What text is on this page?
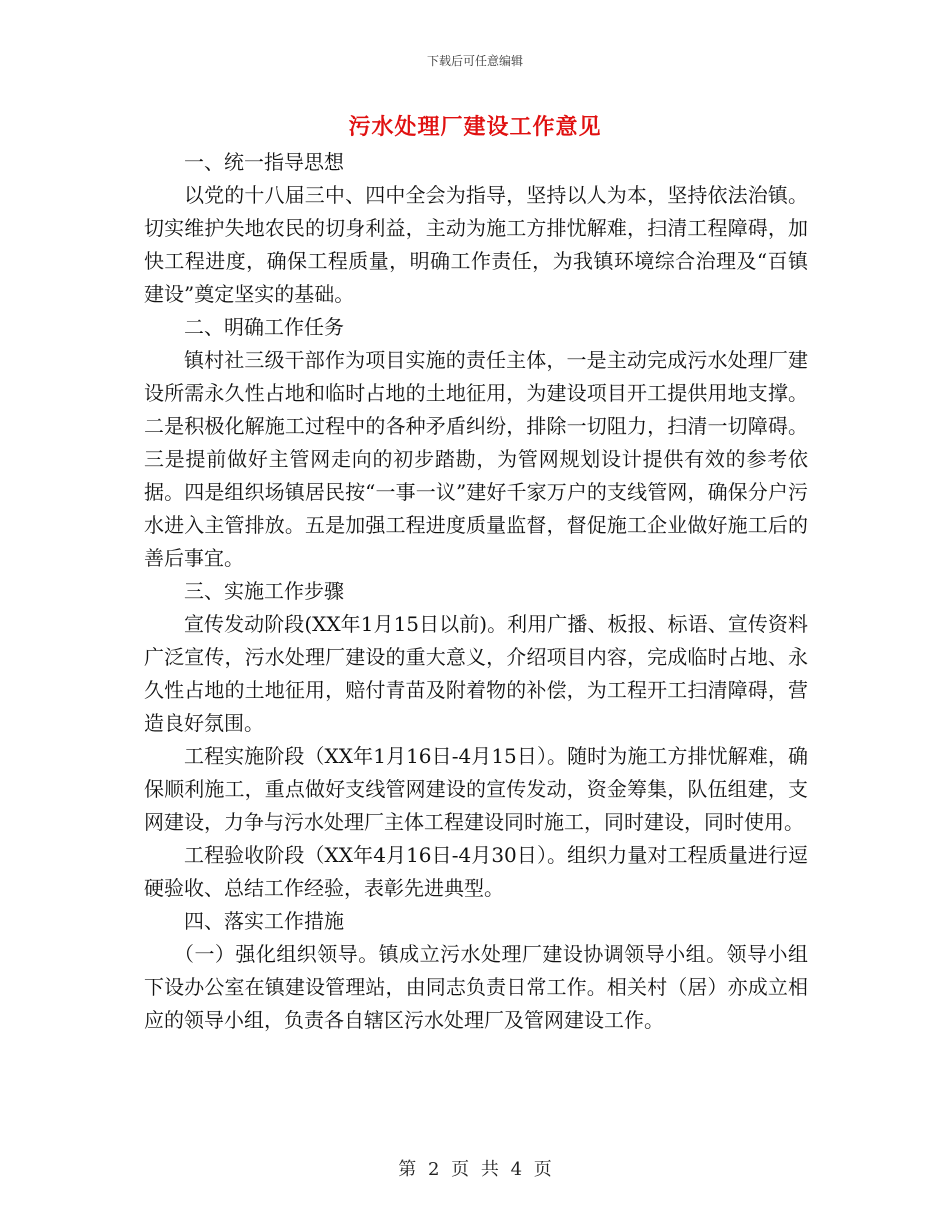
下载后可任意编辑
污水处理厂建设工作意见

一、统一指导思想

以党的十八届三中、四中全会为指导，坚持以人为本，坚持依法治镇。切实维护失地农民的切身利益，主动为施工方排忧解难，扫清工程障碍，加快工程进度，确保工程质量，明确工作责任，为我镇环境综合治理及“百镇建设”奠定坚实的基础。

二、明确工作任务

镇村社三级干部作为项目实施的责任主体，一是主动完成污水处理厂建设所需永久性占地和临时占地的土地征用，为建设项目开工提供用地支撑。二是积极化解施工过程中的各种矛盾纠纷，排除一切阻力，扫清一切障碍。三是提前做好主管网走向的初步踏勘，为管网规划设计提供有效的参考依据。四是组织场镇居民按“一事一议”建好千家万户的支线管网，确保分户污水进入主管排放。五是加强工程进度质量监督，督促施工企业做好施工后的善后事宜。

三、实施工作步骤

宣传发动阶段(XX年1月15日以前)。利用广播、板报、标语、宣传资料广泛宣传，污水处理厂建设的重大意义，介绍项目内容，完成临时占地、永久性占地的土地征用，赔付青苗及附着物的补偿，为工程开工扫清障碍，营造良好氛围。

工程实施阶段（XX年1月16日-4月15日）。随时为施工方排忧解难，确保顺利施工，重点做好支线管网建设的宣传发动，资金筹集，队伍组建，支网建设，力争与污水处理厂主体工程建设同时施工，同时建设，同时使用。

工程验收阶段（XX年4月16日-4月30日）。组织力量对工程质量进行逗硬验收、总结工作经验，表彰先进典型。

四、落实工作措施

（一）强化组织领导。镇成立污水处理厂建设协调领导小组。领导小组下设办公室在镇建设管理站，由同志负责日常工作。相关村（居）亦成立相应的领导小组，负责各自辖区污水处理厂及管网建设工作。

第 2 页 共 4 页
